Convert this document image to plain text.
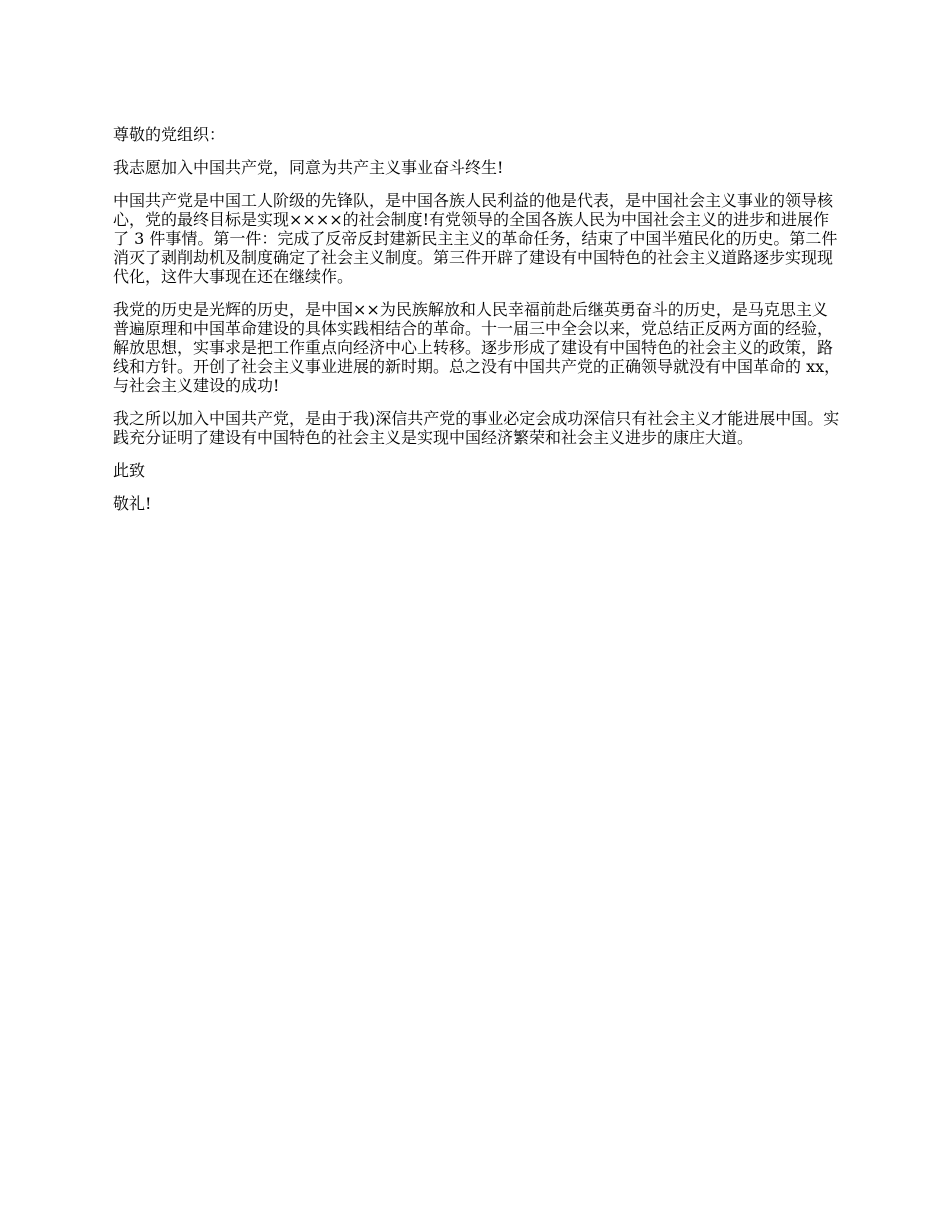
尊敬的党组织：

我志愿加入中国共产党，同意为共产主义事业奋斗终生!

中国共产党是中国工人阶级的先锋队，是中国各族人民利益的他是代表，是中国社会主义事业的领导核心，党的最终目标是实现××××的社会制度!有党领导的全国各族人民为中国社会主义的进步和进展作了 3 件事情。第一件：完成了反帝反封建新民主主义的革命任务，结束了中国半殖民化的历史。第二件消灭了剥削劫机及制度确定了社会主义制度。第三件开辟了建设有中国特色的社会主义道路逐步实现现代化，这件大事现在还在继续作。

我党的历史是光辉的历史，是中国××为民族解放和人民幸福前赴后继英勇奋斗的历史，是马克思主义普遍原理和中国革命建设的具体实践相结合的革命。十一届三中全会以来，党总结正反两方面的经验，解放思想，实事求是把工作重点向经济中心上转移。逐步形成了建设有中国特色的社会主义的政策，路线和方针。开创了社会主义事业进展的新时期。总之没有中国共产党的正确领导就没有中国革命的 xx，与社会主义建设的成功!

我之所以加入中国共产党，是由于我)深信共产党的事业必定会成功深信只有社会主义才能进展中国。实践充分证明了建设有中国特色的社会主义是实现中国经济繁荣和社会主义进步的康庄大道。

此致

敬礼!
